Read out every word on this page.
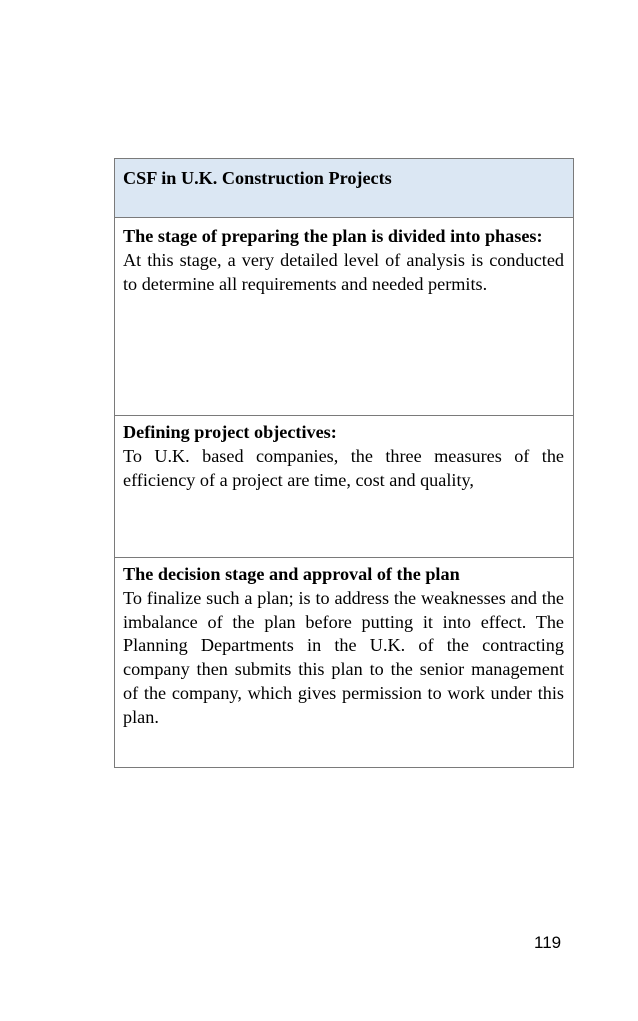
CSF in U.K. Construction Projects

The stage of preparing the plan is divided into phases:
At this stage, a very detailed level of analysis is conducted to determine all requirements and needed permits.

Defining project objectives:
To U.K. based companies, the three measures of the efficiency of a project are time, cost and quality,

The decision stage and approval of the plan
To finalize such a plan; is to address the weaknesses and the imbalance of the plan before putting it into effect. The Planning Departments in the U.K. of the contracting company then submits this plan to the senior management of the company, which gives permission to work under this plan.
119
